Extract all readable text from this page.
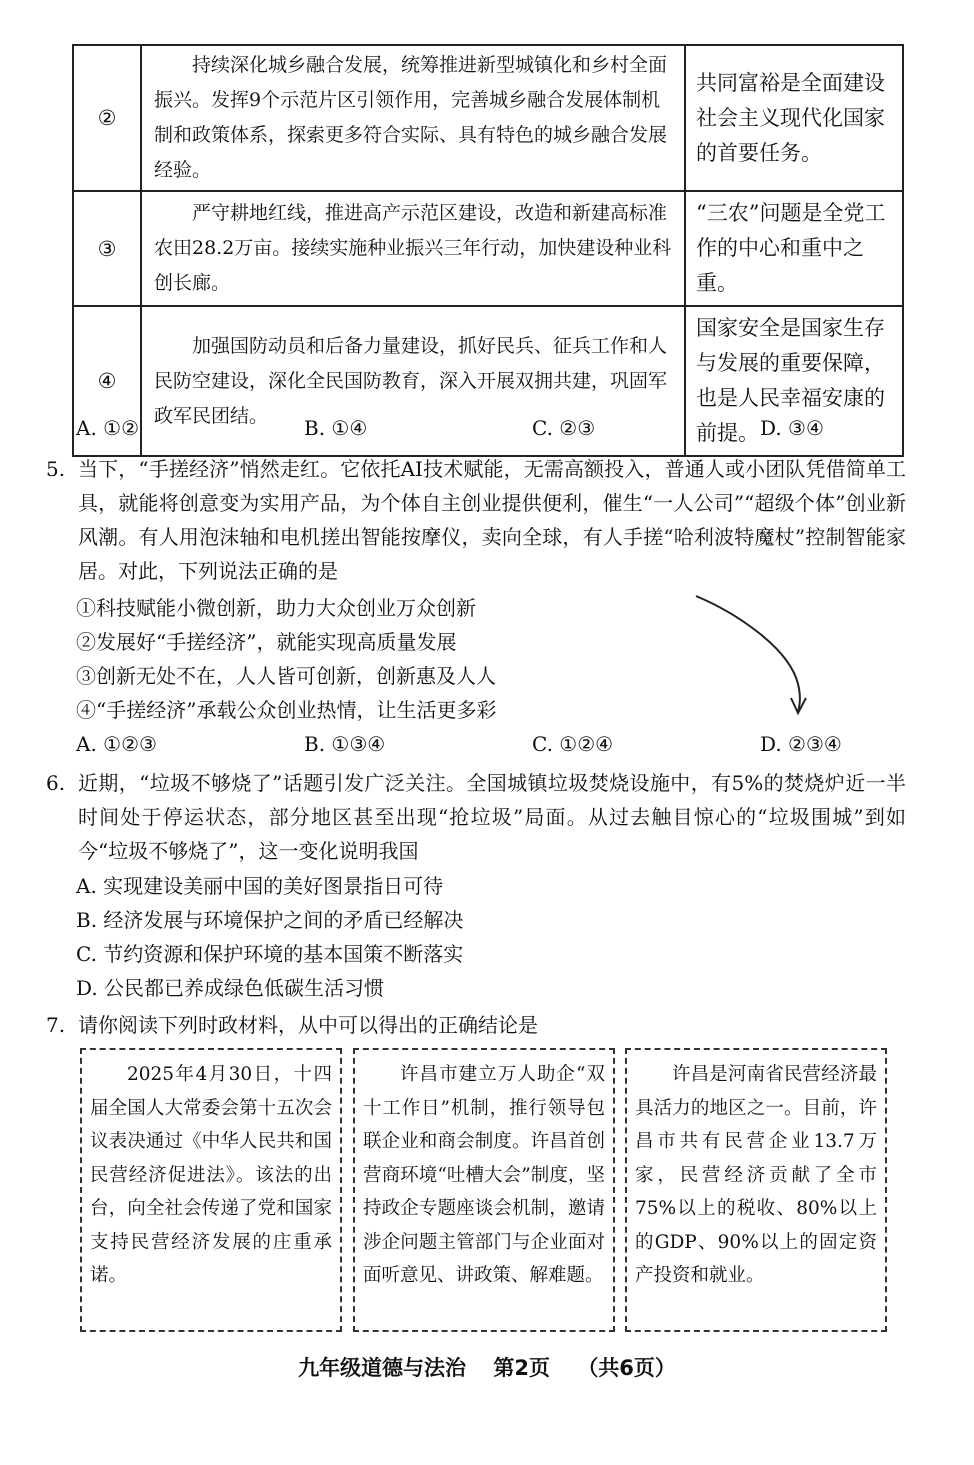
②	持续深化城乡融合发展，统筹推进新型城镇化和乡村全面振兴。发挥9个示范片区引领作用，完善城乡融合发展体制机制和政策体系，探索更多符合实际、具有特色的城乡融合发展经验。	共同富裕是全面建设社会主义现代化国家的首要任务。
③	严守耕地红线，推进高产示范区建设，改造和新建高标准农田28.2万亩。接续实施种业振兴三年行动，加快建设种业科创长廊。	“三农”问题是全党工作的中心和重中之重。
④	加强国防动员和后备力量建设，抓好民兵、征兵工作和人民防空建设，深化全民国防教育，深入开展双拥共建，巩固军政军民团结。	国家安全是国家生存与发展的重要保障，也是人民幸福安康的前提。
A. ①②	B. ①④	C. ②③	D. ③④
5. 当下，“手搓经济”悄然走红。它依托AI技术赋能，无需高额投入，普通人或小团队凭借简单工具，就能将创意变为实用产品，为个体自主创业提供便利，催生“一人公司”“超级个体”创业新风潮。有人用泡沫轴和电机搓出智能按摩仪，卖向全球，有人手搓“哈利波特魔杖”控制智能家居。对此，下列说法正确的是
①科技赋能小微创新，助力大众创业万众创新
②发展好“手搓经济”，就能实现高质量发展
③创新无处不在，人人皆可创新，创新惠及人人
④“手搓经济”承载公众创业热情，让生活更多彩
A. ①②③	B. ①③④	C. ①②④	D. ②③④
6. 近期，“垃圾不够烧了”话题引发广泛关注。全国城镇垃圾焚烧设施中，有5%的焚烧炉近一半时间处于停运状态，部分地区甚至出现“抢垃圾”局面。从过去触目惊心的“垃圾围城”到如今“垃圾不够烧了”，这一变化说明我国
A. 实现建设美丽中国的美好图景指日可待
B. 经济发展与环境保护之间的矛盾已经解决
C. 节约资源和保护环境的基本国策不断落实
D. 公民都已养成绿色低碳生活习惯
7. 请你阅读下列时政材料，从中可以得出的正确结论是
2025年4月30日，十四届全国人大常委会第十五次会议表决通过《中华人民共和国民营经济促进法》。该法的出台，向全社会传递了党和国家支持民营经济发展的庄重承诺。
许昌市建立万人助企“双十工作日”机制，推行领导包联企业和商会制度。许昌首创营商环境“吐槽大会”制度，坚持政企专题座谈会机制，邀请涉企问题主管部门与企业面对面听意见、讲政策、解难题。
许昌是河南省民营经济最具活力的地区之一。目前，许昌市共有民营企业13.7万家，民营经济贡献了全市75%以上的税收、80%以上的GDP、90%以上的固定资产投资和就业。
九年级道德与法治 第2页 （共6页）
